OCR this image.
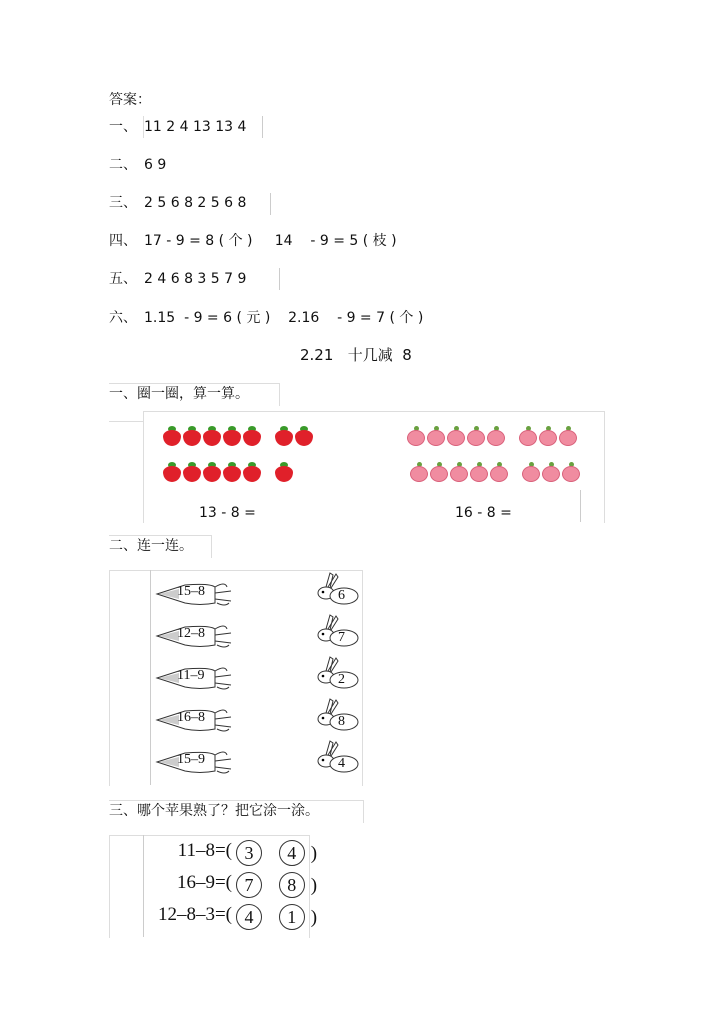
答案：
一、 11 2 4 13 13 4
二、 6 9
三、 2 5 6 8 2 5 6 8
四、 17 - 9 = 8 ( 个 )     14    - 9 = 5 ( 枝 )
五、 2 4 6 8 3 5 7 9
六、 1.15  - 9 = 6 ( 元 )    2.16    - 9 = 7 ( 个 )
2.21   十几减  8
一、圈一圈，算一算。
13 - 8 =	16 - 8 =
二、连一连。
15–8	6
12–8	7
11–9	2
16–8	8
15–9	4
三、哪个苹果熟了？把它涂一涂。
11–8=( 3 4 )
16–9=( 7 8 )
12–8–3=( 4 1 )
